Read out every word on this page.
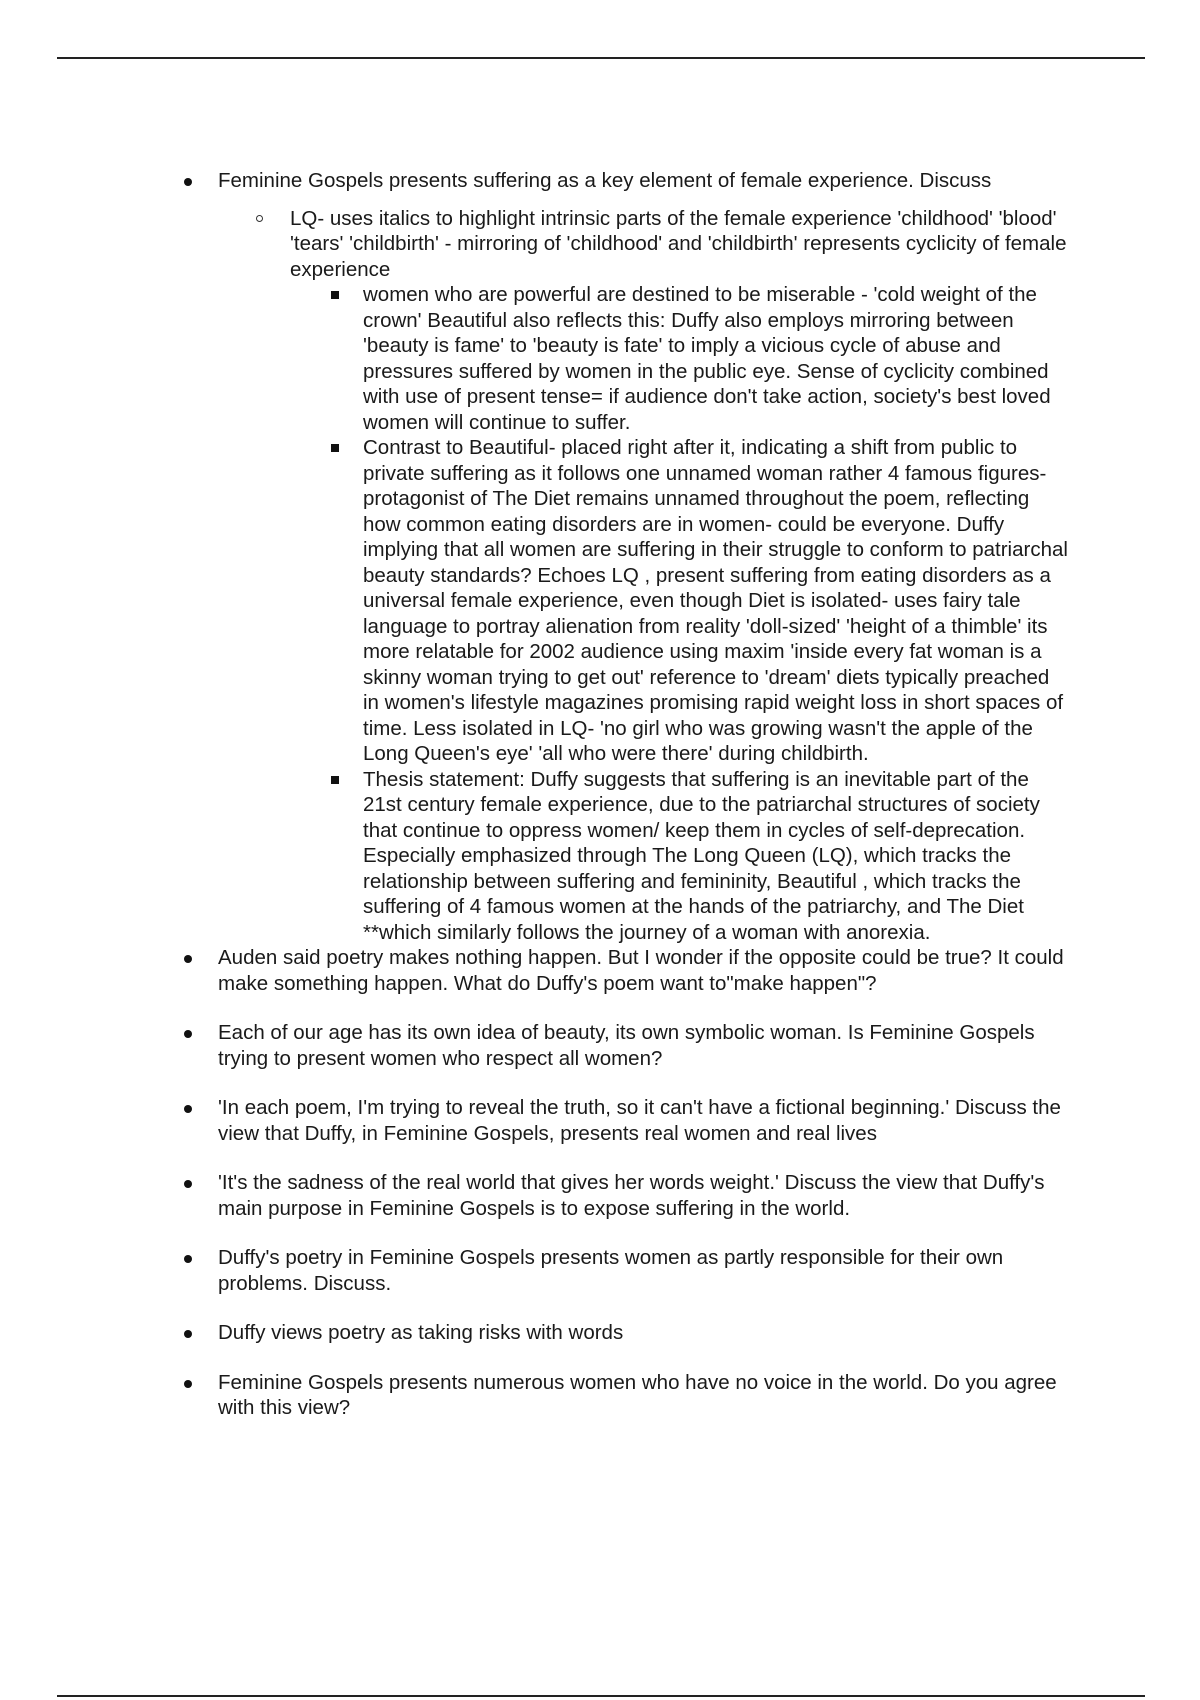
Feminine Gospels presents suffering as a key element of female experience. Discuss
LQ- uses italics to highlight intrinsic parts of the female experience 'childhood' 'blood' 'tears' 'childbirth' - mirroring of 'childhood' and 'childbirth' represents cyclicity of female experience
women who are powerful are destined to be miserable - 'cold weight of the crown' Beautiful also reflects this: Duffy also employs mirroring between 'beauty is fame' to 'beauty is fate' to imply a vicious cycle of abuse and pressures suffered by women in the public eye. Sense of cyclicity combined with use of present tense= if audience don't take action, society's best loved women will continue to suffer.
Contrast to Beautiful- placed right after it, indicating a shift from public to private suffering as it follows one unnamed woman rather 4 famous figures- protagonist of The Diet remains unnamed throughout the poem, reflecting how common eating disorders are in women- could be everyone. Duffy implying that all women are suffering in their struggle to conform to patriarchal beauty standards? Echoes LQ , present suffering from eating disorders as a universal female experience, even though Diet is isolated- uses fairy tale language to portray alienation from reality 'doll-sized' 'height of a thimble' its more relatable for 2002 audience using maxim 'inside every fat woman is a skinny woman trying to get out' reference to 'dream' diets typically preached in women's lifestyle magazines promising rapid weight loss in short spaces of time. Less isolated in LQ- 'no girl who was growing wasn't the apple of the Long Queen's eye' 'all who were there' during childbirth.
Thesis statement: Duffy suggests that suffering is an inevitable part of the 21st century female experience, due to the patriarchal structures of society that continue to oppress women/ keep them in cycles of self-deprecation. Especially emphasized through The Long Queen (LQ), which tracks the relationship between suffering and femininity, Beautiful , which tracks the suffering of 4 famous women at the hands of the patriarchy, and The Diet **which similarly follows the journey of a woman with anorexia.
Auden said poetry makes nothing happen. But I wonder if the opposite could be true? It could make something happen. What do Duffy's poem want to"make happen"?
Each of our age has its own idea of beauty, its own symbolic woman. Is Feminine Gospels trying to present women who respect all women?
'In each poem, I'm trying to reveal the truth, so it can't have a fictional beginning.' Discuss the view that Duffy, in Feminine Gospels, presents real women and real lives
'It's the sadness of the real world that gives her words weight.' Discuss the view that Duffy's main purpose in Feminine Gospels is to expose suffering in the world.
Duffy's poetry in Feminine Gospels presents women as partly responsible for their own problems. Discuss.
Duffy views poetry as taking risks with words
Feminine Gospels presents numerous women who have no voice in the world. Do you agree with this view?
